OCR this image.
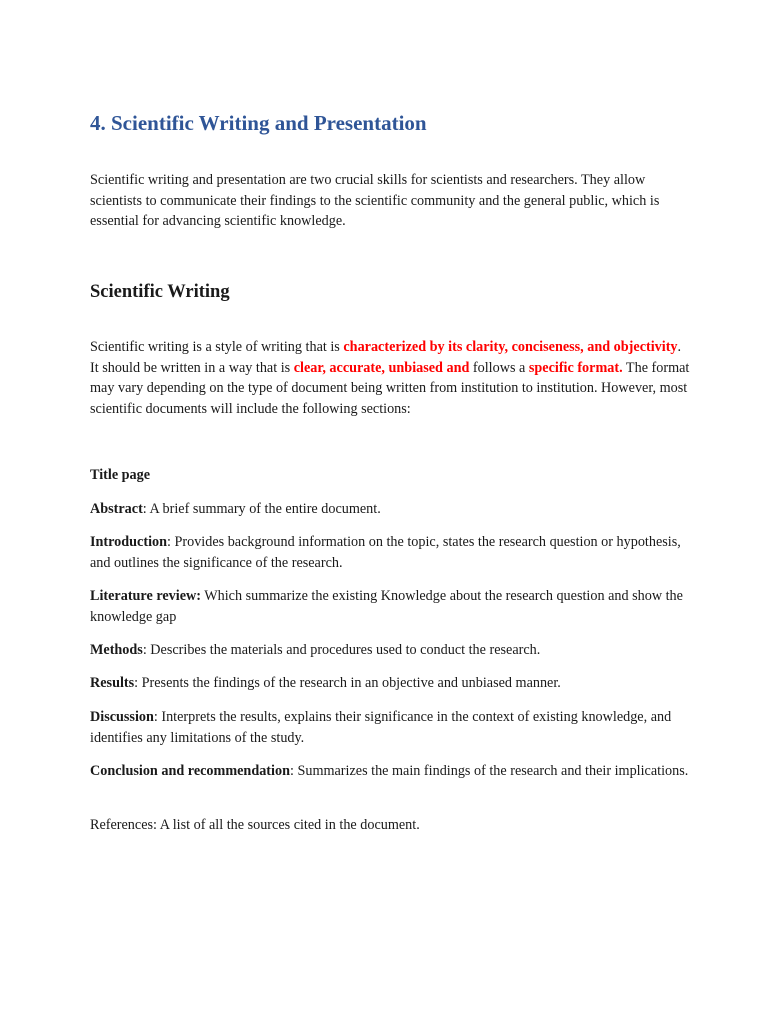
4. Scientific Writing and Presentation

Scientific writing and presentation are two crucial skills for scientists and researchers. They allow scientists to communicate their findings to the scientific community and the general public, which is essential for advancing scientific knowledge.

Scientific Writing

Scientific writing is a style of writing that is characterized by its clarity, conciseness, and objectivity. It should be written in a way that is clear, accurate, unbiased and follows a specific format. The format may vary depending on the type of document being written from institution to institution. However, most scientific documents will include the following sections:

Title page

Abstract: A brief summary of the entire document.

Introduction: Provides background information on the topic, states the research question or hypothesis, and outlines the significance of the research.

Literature review: Which summarize the existing Knowledge about the research question and show the knowledge gap

Methods: Describes the materials and procedures used to conduct the research.

Results: Presents the findings of the research in an objective and unbiased manner.

Discussion: Interprets the results, explains their significance in the context of existing knowledge, and identifies any limitations of the study.

Conclusion and recommendation: Summarizes the main findings of the research and their implications.

References: A list of all the sources cited in the document.
